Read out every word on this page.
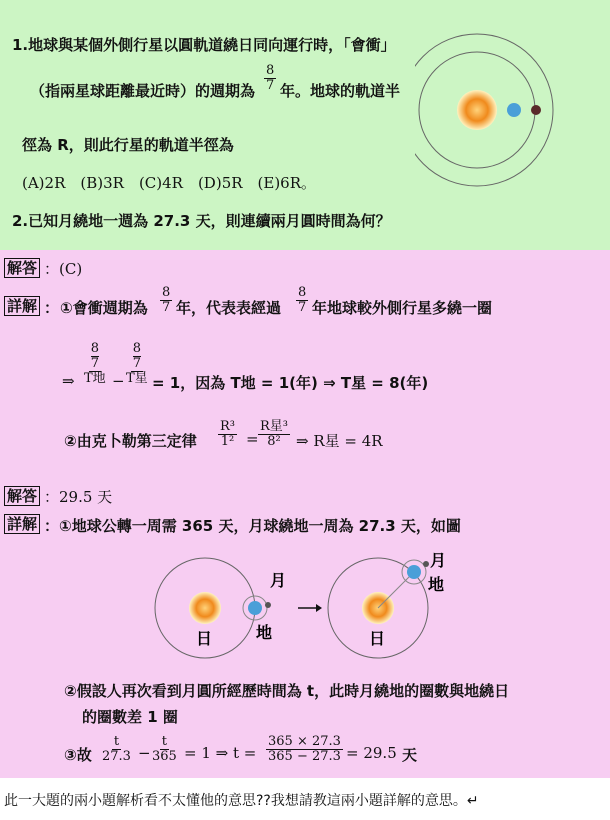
1.地球與某個外側行星以圓軌道繞日同向運行時，「會衝」
（指兩星球距離最近時）的週期為 $\frac{8}{7}$ 年。地球的軌道半
徑為 R，則此行星的軌道半徑為
(A)2R　(B)3R　(C)4R　(D)5R　(E)6R。
2.已知月繞地一週為 27.3 天，則連續兩月圓時間為何？
解答 ：(C)
詳解 ： ①會衝週期為 $\frac{8}{7}$ 年，代表表經過 $\frac{8}{7}$ 年地球較外側行星多繞一圈
⇒
$\frac{8}{7}$
T地 −
$\frac{8}{7}$
T星 = 1，因為 T地 = 1(年) ⇒ T星 = 8(年)
②由克卜勒第三定律 $\frac{\text{R³}}{\text{1²}}$ =
R星³
8² ⇒ R星 = 4R
解答 ：29.5 天
詳解 ：①地球公轉一周需 365 天，月球繞地一周為 27.3 天，如圖
月
地
日
月
地
日
②假設人再次看到月圓所經歷時間為 t，此時月繞地的圈數與地繞日
的圈數差 1 圈
③故 $\frac{t}{27.3} - \frac{t}{365} = 1$ ⇒ $t = \frac{365 \times 27.3}{365 - 27.3} = 29.5$ 天
此一大題的兩小題解析看不太懂他的意思??我想請教這兩小題詳解的意思。↵
